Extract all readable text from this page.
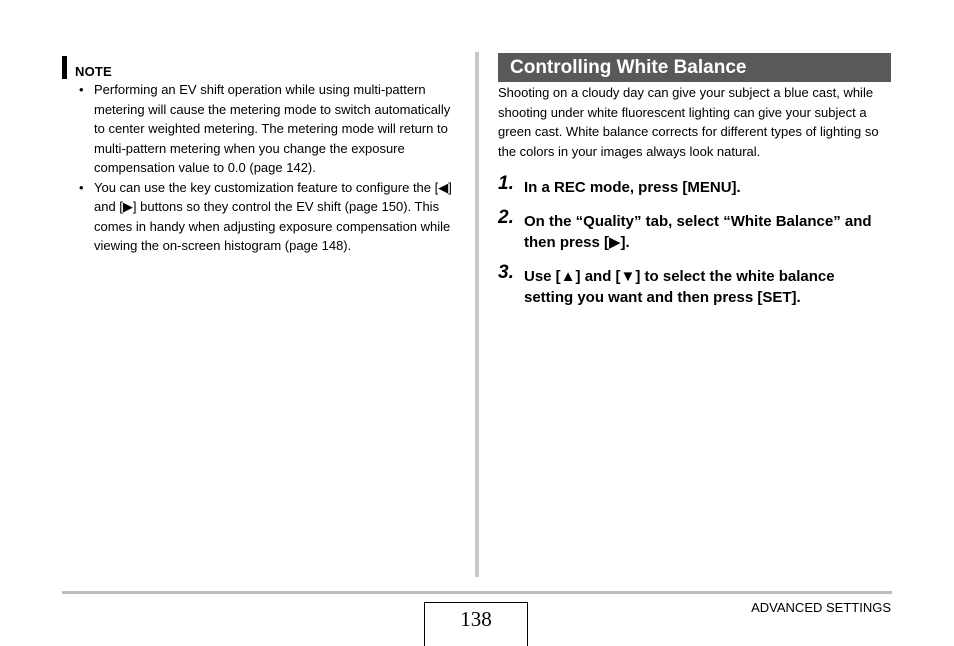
NOTE
• Performing an EV shift operation while using multi-pattern metering will cause the metering mode to switch automatically to center weighted metering. The metering mode will return to multi-pattern metering when you change the exposure compensation value to 0.0 (page 142).
• You can use the key customization feature to configure the [◀] and [▶] buttons so they control the EV shift (page 150). This comes in handy when adjusting exposure compensation while viewing the on-screen histogram (page 148).
Controlling White Balance
Shooting on a cloudy day can give your subject a blue cast, while shooting under white fluorescent lighting can give your subject a green cast. White balance corrects for different types of lighting so the colors in your images always look natural.
1. In a REC mode, press [MENU].
2. On the “Quality” tab, select “White Balance” and then press [▶].
3. Use [▲] and [▼] to select the white balance setting you want and then press [SET].
138	ADVANCED SETTINGS
